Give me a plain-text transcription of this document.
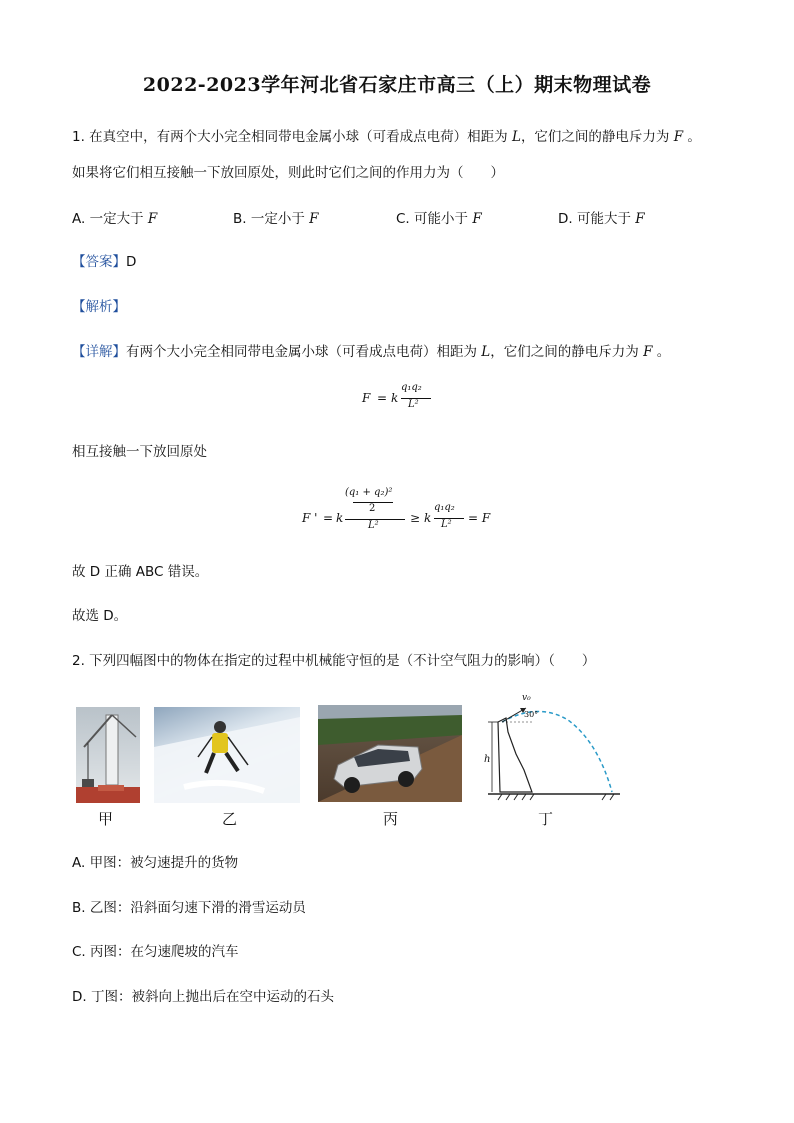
2022-2023学年河北省石家庄市高三（上）期末物理试卷
1. 在真空中，有两个大小完全相同带电金属小球（可看成点电荷）相距为 L，它们之间的静电斥力为 F 。
如果将它们相互接触一下放回原处，则此时它们之间的作用力为（　　）
A. 一定大于 F	B. 一定小于 F	C. 可能小于 F	D. 可能大于 F
【答案】D
【解析】
【详解】有两个大小完全相同带电金属小球（可看成点电荷）相距为 L，它们之间的静电斥力为 F 。
F = k
q₁q₂
L²
相互接触一下放回原处
F ' = k
(q₁ + q₂)²
2
L²
≥ k
q₁q₂
L² = F
故 D 正确 ABC 错误。
故选 D。
2. 下列四幅图中的物体在指定的过程中机械能守恒的是（不计空气阻力的影响）（　　）
v₀
30°
h
甲	乙	丙	丁
A. 甲图：被匀速提升的货物
B. 乙图：沿斜面匀速下滑的滑雪运动员
C. 丙图：在匀速爬坡的汽车
D. 丁图：被斜向上抛出后在空中运动的石头
